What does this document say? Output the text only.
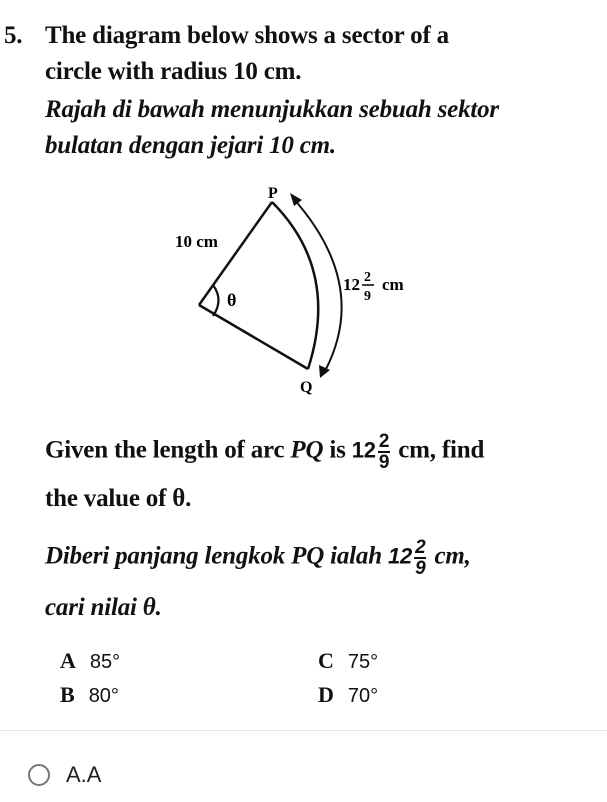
5. The diagram below shows a sector of a
circle with radius 10 cm.
Rajah di bawah menunjukkan sebuah sektor
bulatan dengan jejari 10 cm.
P
Q
10 cm
θ
12 2
9
cm
Given the length of arc PQ is $12 \frac{2}{9}$ cm, find
the value of θ.
Diberi panjang lengkok PQ ialah $12 \frac{2}{9}$ cm,
cari nilai θ.
A 85°
B 80°
C 75°
D 70°
A.A
